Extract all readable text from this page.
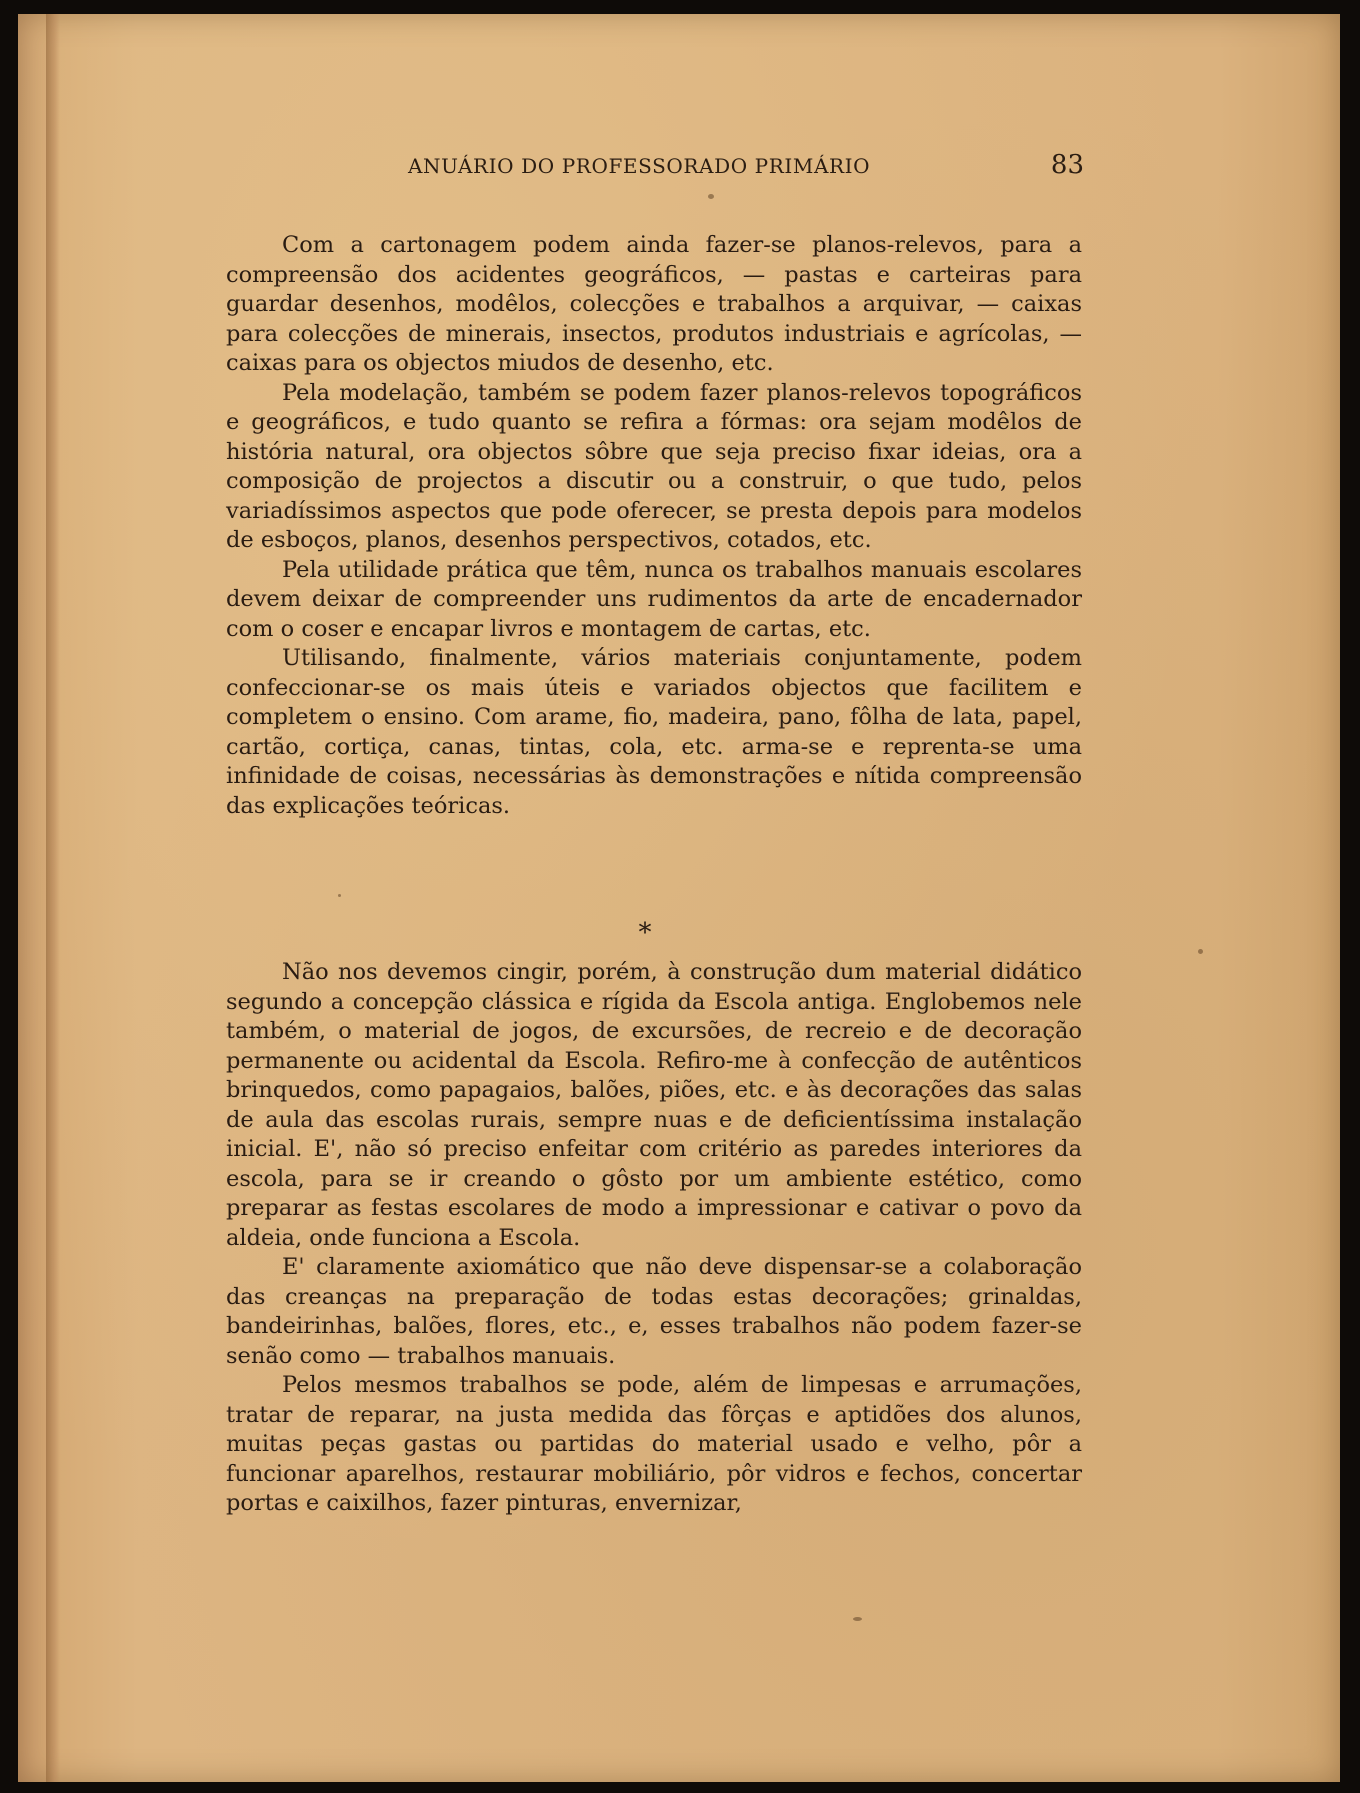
ANUÁRIO DO PROFESSORADO PRIMÁRIO	83

Com a cartonagem podem ainda fazer-se planos-relevos, para a compreensão dos acidentes geográficos, — pastas e carteiras para guardar desenhos, modêlos, colecções e trabalhos a arquivar, — caixas para colecções de minerais, insectos, produtos industriais e agrícolas, — caixas para os objectos miudos de desenho, etc.

Pela modelação, também se podem fazer planos-relevos topográficos e geográficos, e tudo quanto se refira a fórmas: ora sejam modêlos de história natural, ora objectos sôbre que seja preciso fixar ideias, ora a composição de projectos a discutir ou a construir, o que tudo, pelos variadíssimos aspectos que pode oferecer, se presta depois para modelos de esboços, planos, desenhos perspectivos, cotados, etc.

Pela utilidade prática que têm, nunca os trabalhos manuais escolares devem deixar de compreender uns rudimentos da arte de encadernador com o coser e encapar livros e montagem de cartas, etc.

Utilisando, finalmente, vários materiais conjuntamente, podem confeccionar-se os mais úteis e variados objectos que facilitem e completem o ensino. Com arame, fio, madeira, pano, fôlha de lata, papel, cartão, cortiça, canas, tintas, cola, etc. arma-se e reprenta-se uma infinidade de coisas, necessárias às demonstrações e nítida compreensão das explicações teóricas.

*

Não nos devemos cingir, porém, à construção dum material didático segundo a concepção clássica e rígida da Escola antiga. Englobemos nele também, o material de jogos, de excursões, de recreio e de decoração permanente ou acidental da Escola. Refiro-me à confecção de autênticos brinquedos, como papagaios, balões, piões, etc. e às decorações das salas de aula das escolas rurais, sempre nuas e de deficientíssima instalação inicial. E', não só preciso enfeitar com critério as paredes interiores da escola, para se ir creando o gôsto por um ambiente estético, como preparar as festas escolares de modo a impressionar e cativar o povo da aldeia, onde funciona a Escola.

E' claramente axiomático que não deve dispensar-se a colaboração das creanças na preparação de todas estas decorações; grinaldas, bandeirinhas, balões, flores, etc., e, esses trabalhos não podem fazer-se senão como — trabalhos manuais.

Pelos mesmos trabalhos se pode, além de limpesas e arrumações, tratar de reparar, na justa medida das fôrças e aptidões dos alunos, muitas peças gastas ou partidas do material usado e velho, pôr a funcionar aparelhos, restaurar mobiliário, pôr vidros e fechos, concertar portas e caixilhos, fazer pinturas, envernizar,
